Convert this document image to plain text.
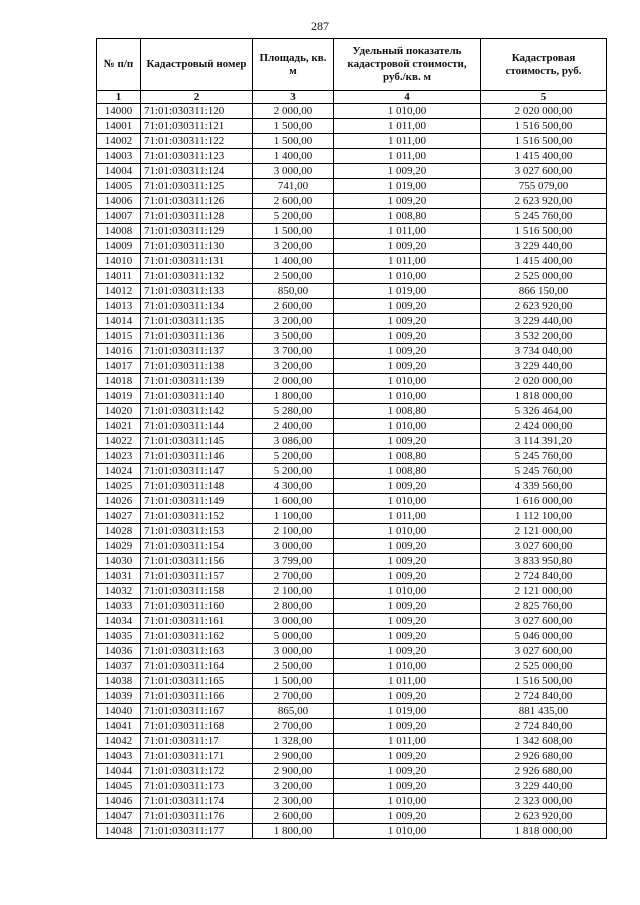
287
№ п/п	Кадастровый номер	Площадь, кв. м	Удельный показатель кадастровой стоимости, руб./кв. м	Кадастровая стоимость, руб.
1	2	3	4	5
14000	71:01:030311:120	2 000,00	1 010,00	2 020 000,00
14001	71:01:030311:121	1 500,00	1 011,00	1 516 500,00
14002	71:01:030311:122	1 500,00	1 011,00	1 516 500,00
14003	71:01:030311:123	1 400,00	1 011,00	1 415 400,00
14004	71:01:030311:124	3 000,00	1 009,20	3 027 600,00
14005	71:01:030311:125	741,00	1 019,00	755 079,00
14006	71:01:030311:126	2 600,00	1 009,20	2 623 920,00
14007	71:01:030311:128	5 200,00	1 008,80	5 245 760,00
14008	71:01:030311:129	1 500,00	1 011,00	1 516 500,00
14009	71:01:030311:130	3 200,00	1 009,20	3 229 440,00
14010	71:01:030311:131	1 400,00	1 011,00	1 415 400,00
14011	71:01:030311:132	2 500,00	1 010,00	2 525 000,00
14012	71:01:030311:133	850,00	1 019,00	866 150,00
14013	71:01:030311:134	2 600,00	1 009,20	2 623 920,00
14014	71:01:030311:135	3 200,00	1 009,20	3 229 440,00
14015	71:01:030311:136	3 500,00	1 009,20	3 532 200,00
14016	71:01:030311:137	3 700,00	1 009,20	3 734 040,00
14017	71:01:030311:138	3 200,00	1 009,20	3 229 440,00
14018	71:01:030311:139	2 000,00	1 010,00	2 020 000,00
14019	71:01:030311:140	1 800,00	1 010,00	1 818 000,00
14020	71:01:030311:142	5 280,00	1 008,80	5 326 464,00
14021	71:01:030311:144	2 400,00	1 010,00	2 424 000,00
14022	71:01:030311:145	3 086,00	1 009,20	3 114 391,20
14023	71:01:030311:146	5 200,00	1 008,80	5 245 760,00
14024	71:01:030311:147	5 200,00	1 008,80	5 245 760,00
14025	71:01:030311:148	4 300,00	1 009,20	4 339 560,00
14026	71:01:030311:149	1 600,00	1 010,00	1 616 000,00
14027	71:01:030311:152	1 100,00	1 011,00	1 112 100,00
14028	71:01:030311:153	2 100,00	1 010,00	2 121 000,00
14029	71:01:030311:154	3 000,00	1 009,20	3 027 600,00
14030	71:01:030311:156	3 799,00	1 009,20	3 833 950,80
14031	71:01:030311:157	2 700,00	1 009,20	2 724 840,00
14032	71:01:030311:158	2 100,00	1 010,00	2 121 000,00
14033	71:01:030311:160	2 800,00	1 009,20	2 825 760,00
14034	71:01:030311:161	3 000,00	1 009,20	3 027 600,00
14035	71:01:030311:162	5 000,00	1 009,20	5 046 000,00
14036	71:01:030311:163	3 000,00	1 009,20	3 027 600,00
14037	71:01:030311:164	2 500,00	1 010,00	2 525 000,00
14038	71:01:030311:165	1 500,00	1 011,00	1 516 500,00
14039	71:01:030311:166	2 700,00	1 009,20	2 724 840,00
14040	71:01:030311:167	865,00	1 019,00	881 435,00
14041	71:01:030311:168	2 700,00	1 009,20	2 724 840,00
14042	71:01:030311:17	1 328,00	1 011,00	1 342 608,00
14043	71:01:030311:171	2 900,00	1 009,20	2 926 680,00
14044	71:01:030311:172	2 900,00	1 009,20	2 926 680,00
14045	71:01:030311:173	3 200,00	1 009,20	3 229 440,00
14046	71:01:030311:174	2 300,00	1 010,00	2 323 000,00
14047	71:01:030311:176	2 600,00	1 009,20	2 623 920,00
14048	71:01:030311:177	1 800,00	1 010,00	1 818 000,00
